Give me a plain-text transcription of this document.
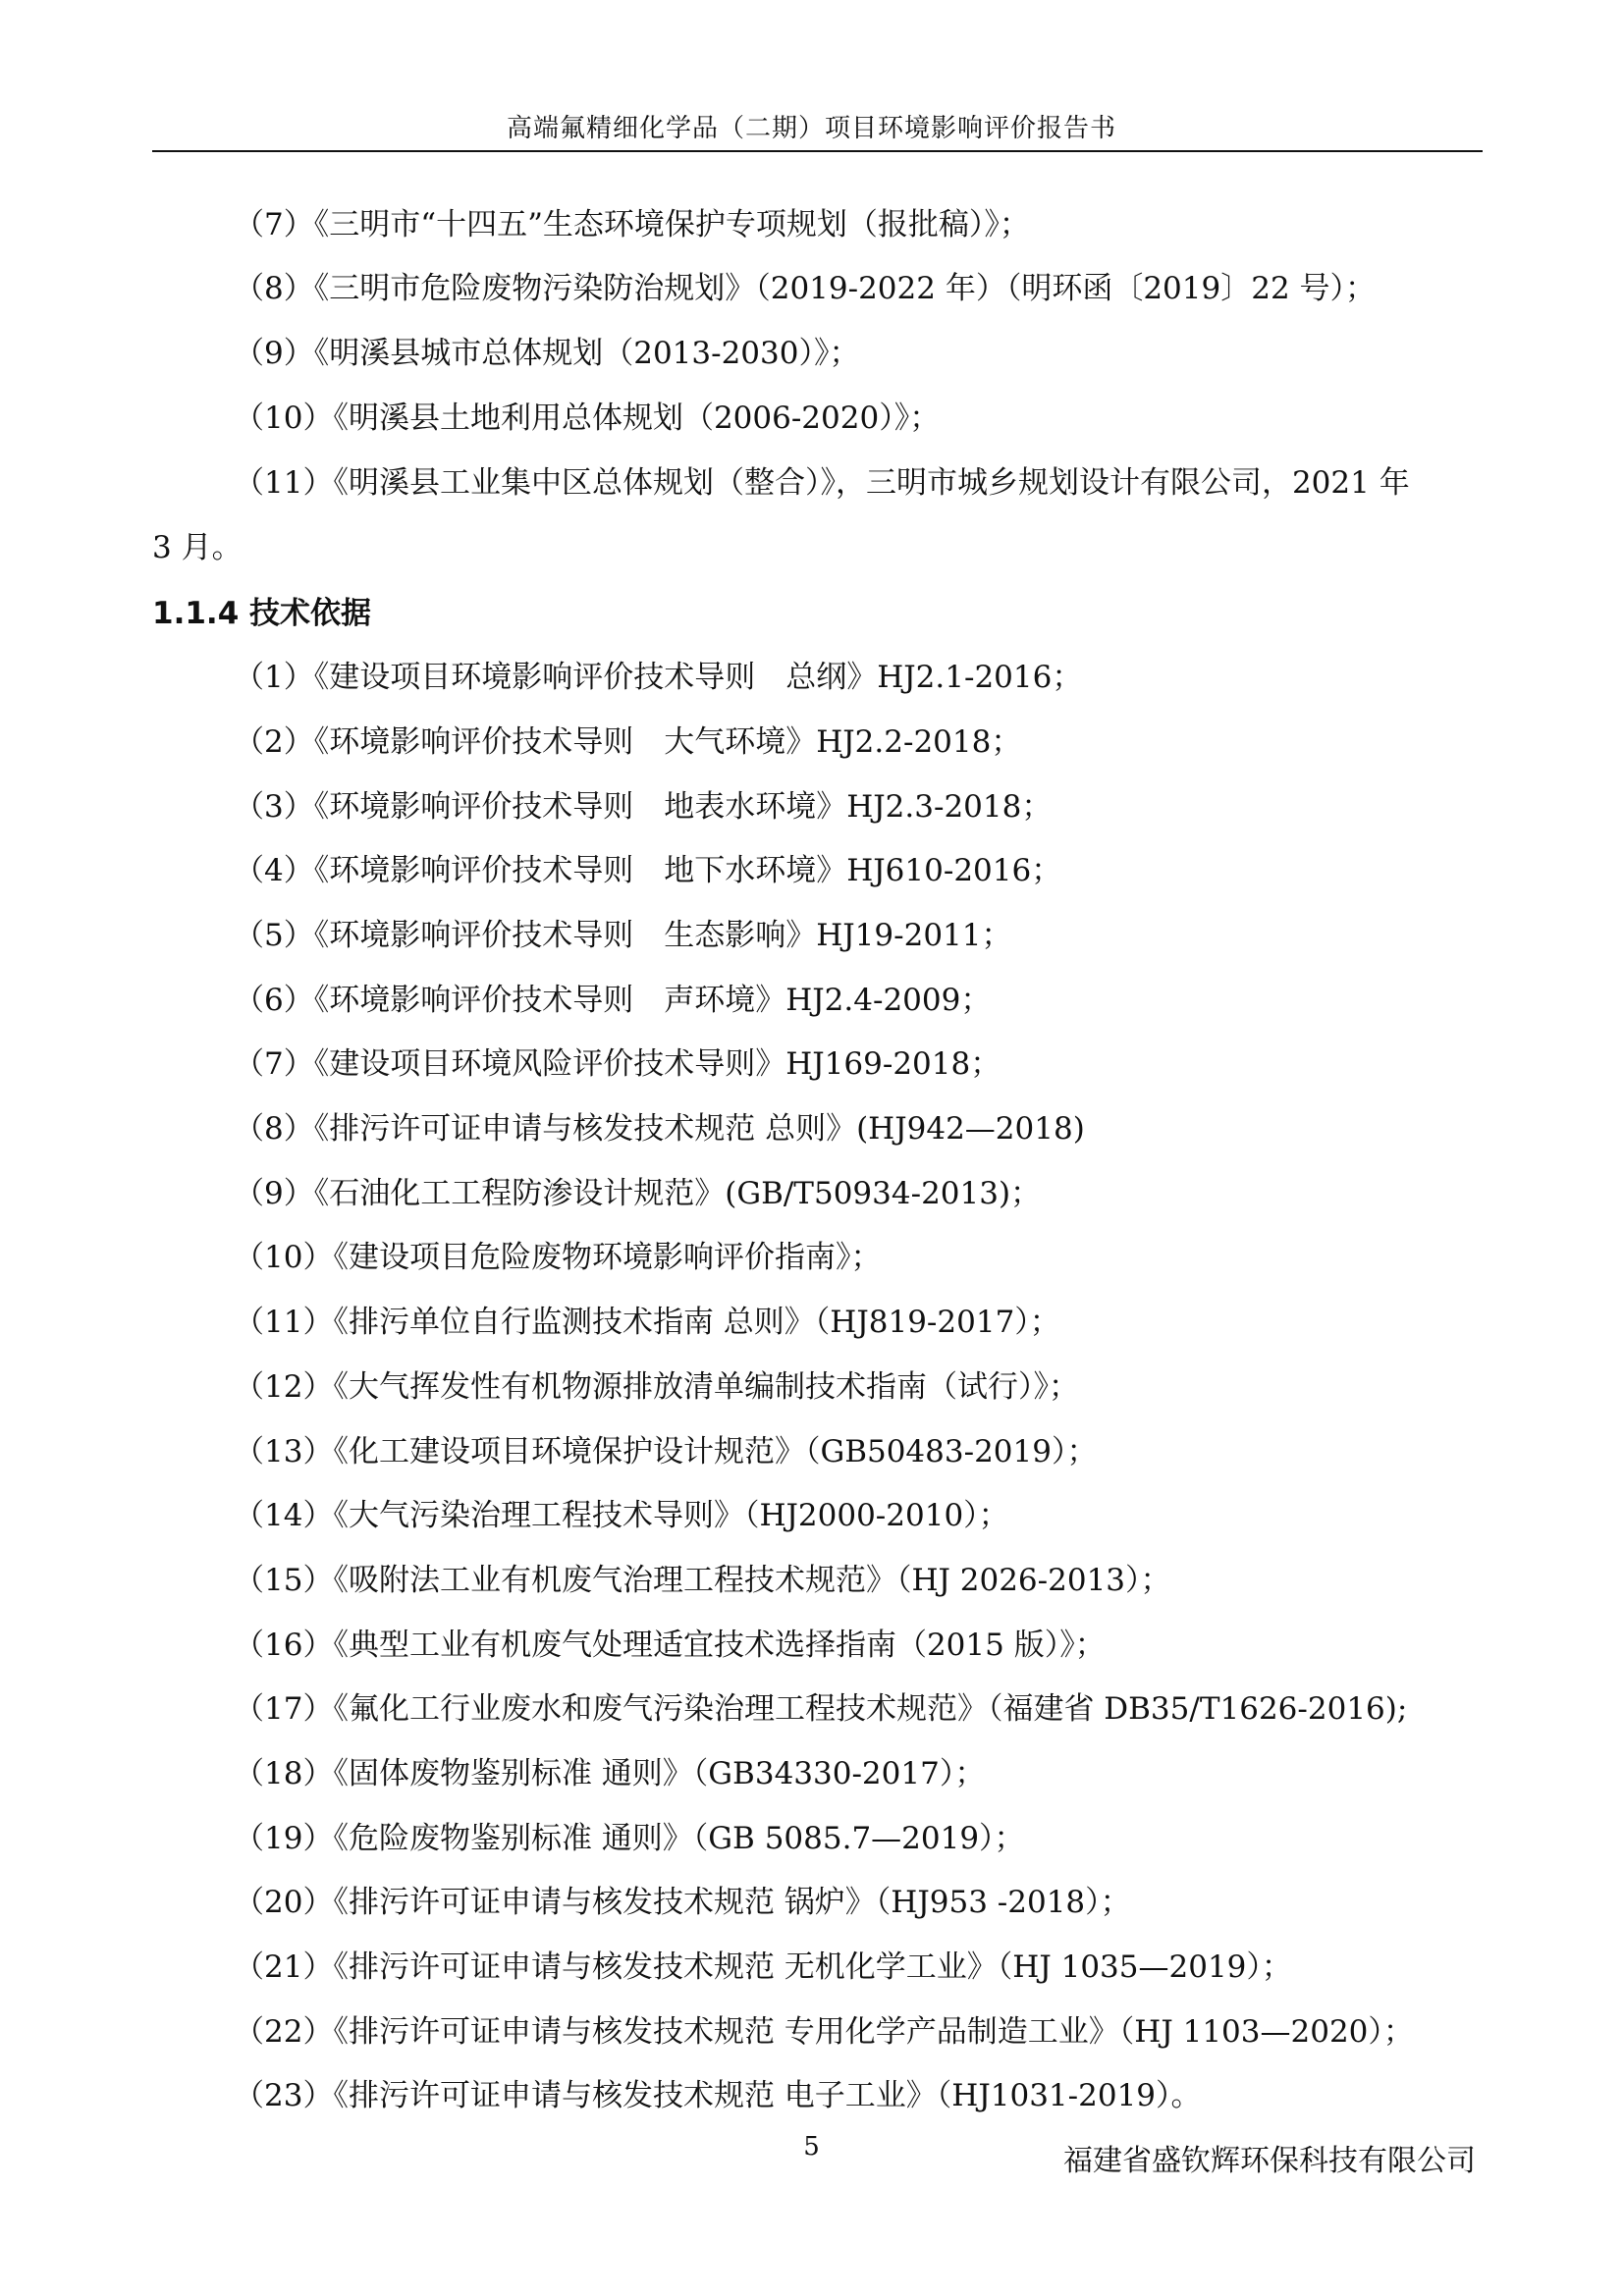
高端氟精细化学品（二期）项目环境影响评价报告书
（7）《三明市“十四五”生态环境保护专项规划（报批稿）》；
（8）《三明市危险废物污染防治规划》（2019-2022 年）（明环函〔2019〕22 号）；
（9）《明溪县城市总体规划（2013-2030）》；
（10）《明溪县土地利用总体规划（2006-2020）》；
（11）《明溪县工业集中区总体规划（整合）》，三明市城乡规划设计有限公司，2021 年
3 月。
1.1.4 技术依据
（1）《建设项目环境影响评价技术导则　总纲》HJ2.1-2016；
（2）《环境影响评价技术导则　大气环境》HJ2.2-2018；
（3）《环境影响评价技术导则　地表水环境》HJ2.3-2018；
（4）《环境影响评价技术导则　地下水环境》HJ610-2016；
（5）《环境影响评价技术导则　生态影响》HJ19-2011；
（6）《环境影响评价技术导则　声环境》HJ2.4-2009；
（7）《建设项目环境风险评价技术导则》HJ169-2018；
（8）《排污许可证申请与核发技术规范 总则》(HJ942—2018)
（9）《石油化工工程防渗设计规范》(GB/T50934-2013)；
（10）《建设项目危险废物环境影响评价指南》；
（11）《排污单位自行监测技术指南 总则》（HJ819-2017）；
（12）《大气挥发性有机物源排放清单编制技术指南（试行）》；
（13）《化工建设项目环境保护设计规范》（GB50483-2019）；
（14）《大气污染治理工程技术导则》（HJ2000-2010）；
（15）《吸附法工业有机废气治理工程技术规范》（HJ 2026-2013）；
（16）《典型工业有机废气处理适宜技术选择指南（2015 版）》；
（17）《氟化工行业废水和废气污染治理工程技术规范》（福建省 DB35/T1626-2016);
（18）《固体废物鉴别标准 通则》（GB34330-2017）；
（19）《危险废物鉴别标准 通则》（GB 5085.7—2019）；
（20）《排污许可证申请与核发技术规范 锅炉》（HJ953 -2018）；
（21）《排污许可证申请与核发技术规范 无机化学工业》（HJ 1035—2019）；
（22）《排污许可证申请与核发技术规范 专用化学产品制造工业》（HJ 1103—2020）；
（23）《排污许可证申请与核发技术规范 电子工业》（HJ1031-2019）。
5	福建省盛钦辉环保科技有限公司
